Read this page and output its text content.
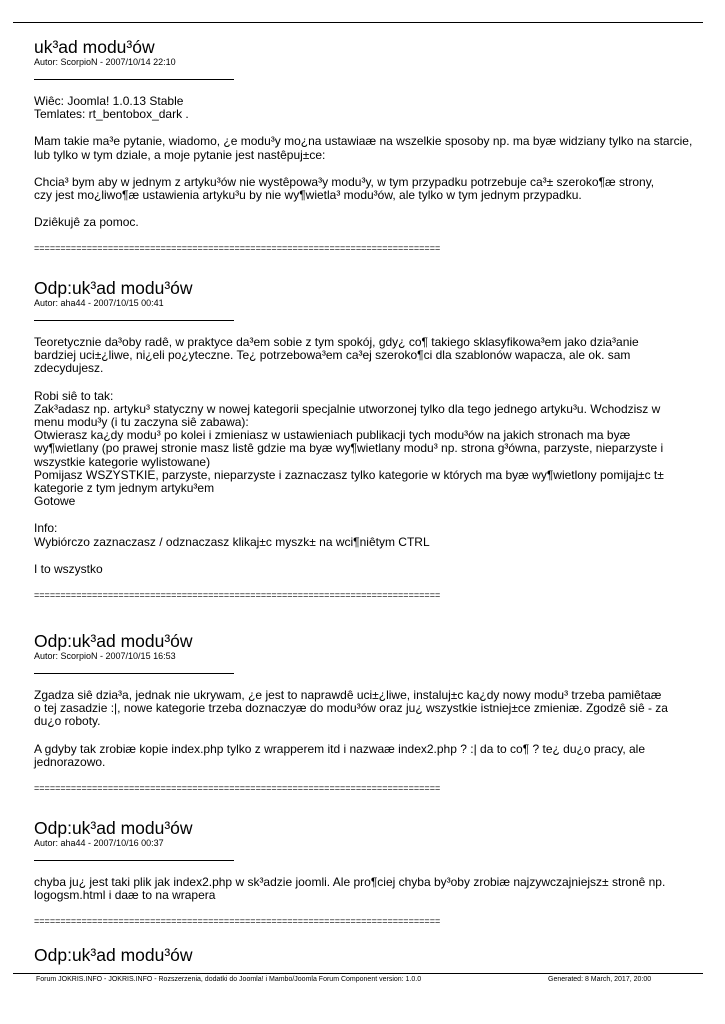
uk³ad modu³ów
Autor: ScorpioN - 2007/10/14 22:10
Wiêc: Joomla! 1.0.13 Stable
Temlates: rt_bentobox_dark .
Mam takie ma³e pytanie, wiadomo, ¿e modu³y mo¿na ustawiaæ na wszelkie sposoby np. ma byæ widziany tylko na starcie,
lub tylko w tym dziale, a moje pytanie jest nastêpuj±ce:
Chcia³ bym aby w jednym z artyku³ów nie wystêpowa³y modu³y, w tym przypadku potrzebuje ca³± szeroko¶æ strony,
czy jest mo¿liwo¶æ ustawienia artyku³u by nie wy¶wietla³ modu³ów, ale tylko w tym jednym przypadku.
Dziêkujê za pomoc.
=============================================================================
Odp:uk³ad modu³ów
Autor: aha44 - 2007/10/15 00:41
Teoretycznie da³oby radê, w praktyce da³em sobie z tym spokój, gdy¿ co¶ takiego sklasyfikowa³em jako dzia³anie
bardziej uci±¿liwe, ni¿eli po¿yteczne. Te¿ potrzebowa³em ca³ej szeroko¶ci dla szablonów wapacza, ale ok. sam
zdecydujesz.
Robi siê to tak:
Zak³adasz np. artyku³ statyczny w nowej kategorii specjalnie utworzonej tylko dla tego jednego artyku³u. Wchodzisz w
menu modu³y (i tu zaczyna siê zabawa):
Otwierasz ka¿dy modu³ po kolei i zmieniasz w ustawieniach publikacji tych modu³ów na jakich stronach ma byæ
wy¶wietlany (po prawej stronie masz listê gdzie ma byæ wy¶wietlany modu³ np. strona g³ówna, parzyste, nieparzyste i
wszystkie kategorie wylistowane)
Pomijasz WSZYSTKIE, parzyste, nieparzyste i zaznaczasz tylko kategorie w których ma byæ wy¶wietlony pomijaj±c t±
kategorie z tym jednym artyku³em
Gotowe
Info:
Wybiórczo zaznaczasz / odznaczasz klikaj±c myszk± na wci¶niêtym CTRL
I to wszystko
=============================================================================
Odp:uk³ad modu³ów
Autor: ScorpioN - 2007/10/15 16:53
Zgadza siê dzia³a, jednak nie ukrywam, ¿e jest to naprawdê uci±¿liwe, instaluj±c ka¿dy nowy modu³ trzeba pamiêtaæ
o tej zasadzie :|, nowe kategorie trzeba doznaczyæ do modu³ów oraz ju¿ wszystkie istniej±ce zmieniæ. Zgodzê siê - za
du¿o roboty.
A gdyby tak zrobiæ kopie index.php tylko z wrapperem itd i nazwaæ index2.php ? :| da to co¶ ? te¿ du¿o pracy, ale
jednorazowo.
=============================================================================
Odp:uk³ad modu³ów
Autor: aha44 - 2007/10/16 00:37
chyba ju¿ jest taki plik jak index2.php w sk³adzie joomli. Ale pro¶ciej chyba by³oby zrobiæ najzywczajniejsz± stronê np.
logogsm.html i daæ to na wrapera
=============================================================================
Odp:uk³ad modu³ów
Forum JOKRIS.INFO - JOKRIS.INFO - Rozszerzenia, dodatki do Joomla! i Mambo/Joomla Forum Component version: 1.0.0	Generated: 8 March, 2017, 20:00
